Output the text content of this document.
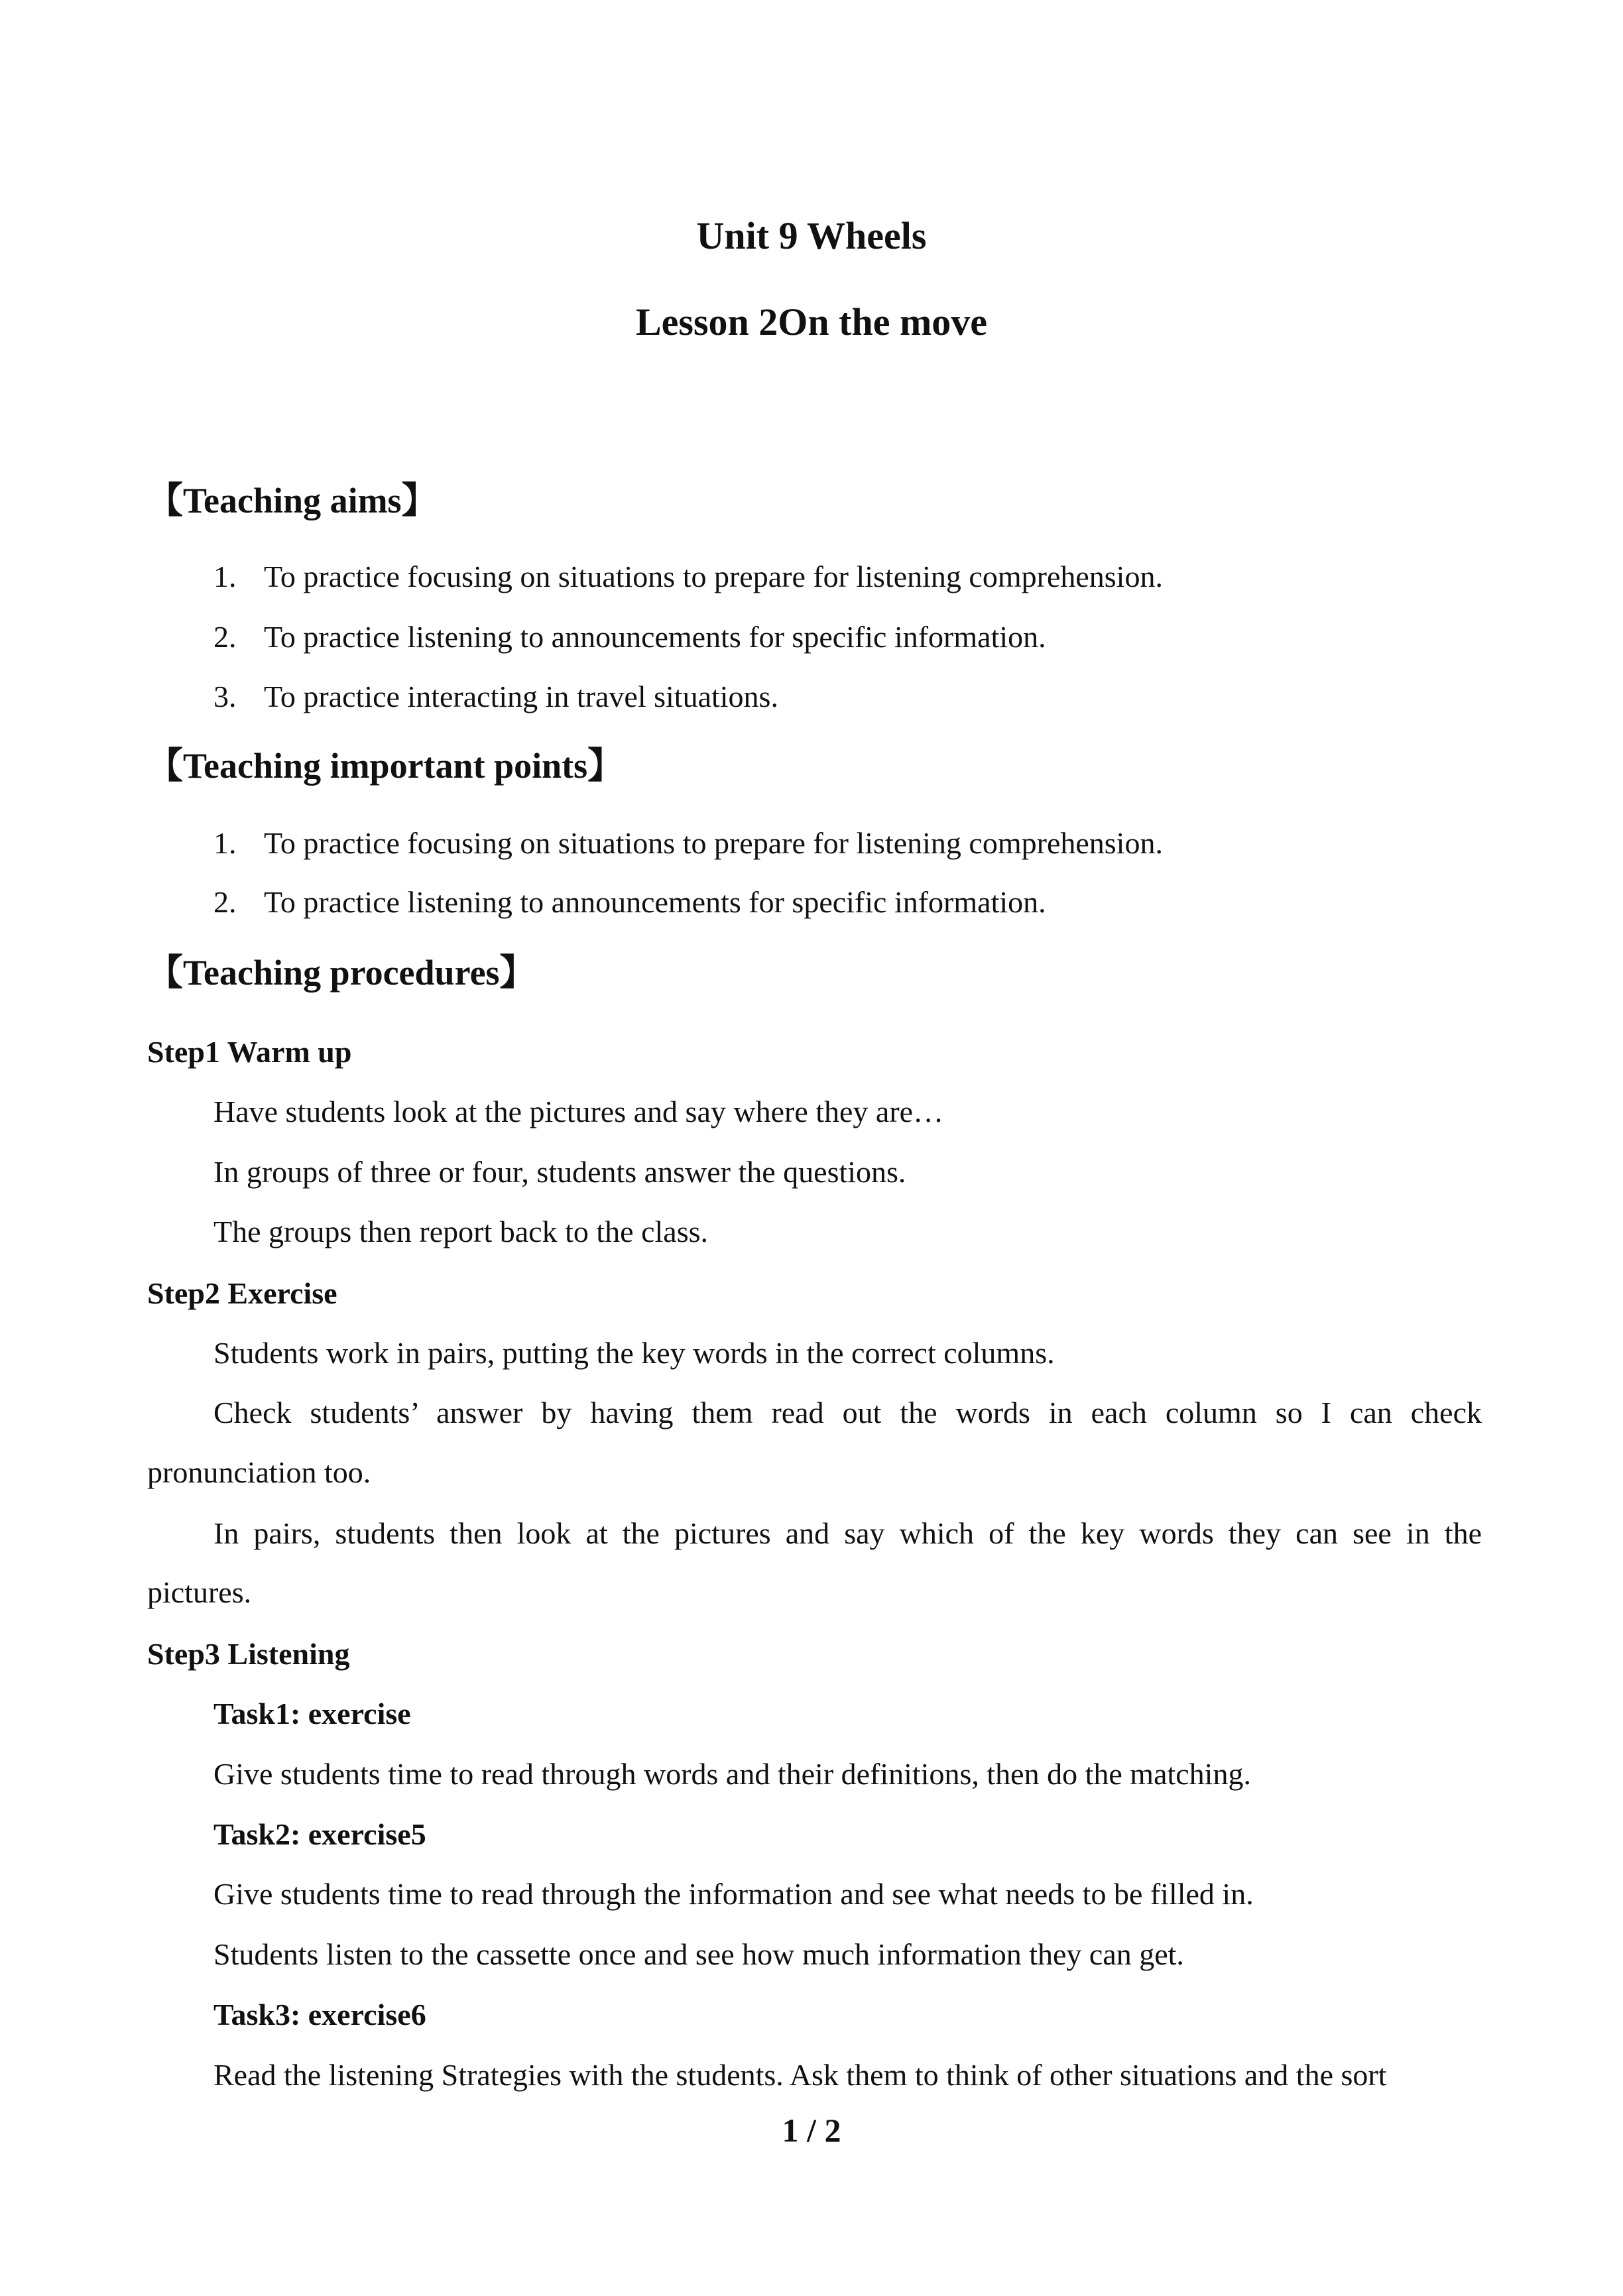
Unit 9 Wheels
Lesson 2On the move
【Teaching aims】
1. To practice focusing on situations to prepare for listening comprehension.
2. To practice listening to announcements for specific information.
3. To practice interacting in travel situations.
【Teaching important points】
1. To practice focusing on situations to prepare for listening comprehension.
2. To practice listening to announcements for specific information.
【Teaching procedures】
Step1 Warm up
Have students look at the pictures and say where they are…
In groups of three or four, students answer the questions.
The groups then report back to the class.
Step2 Exercise
Students work in pairs, putting the key words in the correct columns.
Check students’ answer by having them read out the words in each column so I can check
pronunciation too.
In pairs, students then look at the pictures and say which of the key words they can see in the
pictures.
Step3 Listening
Task1: exercise
Give students time to read through words and their definitions, then do the matching.
Task2: exercise5
Give students time to read through the information and see what needs to be filled in.
Students listen to the cassette once and see how much information they can get.
Task3: exercise6
Read the listening Strategies with the students. Ask them to think of other situations and the sort
1 / 2
